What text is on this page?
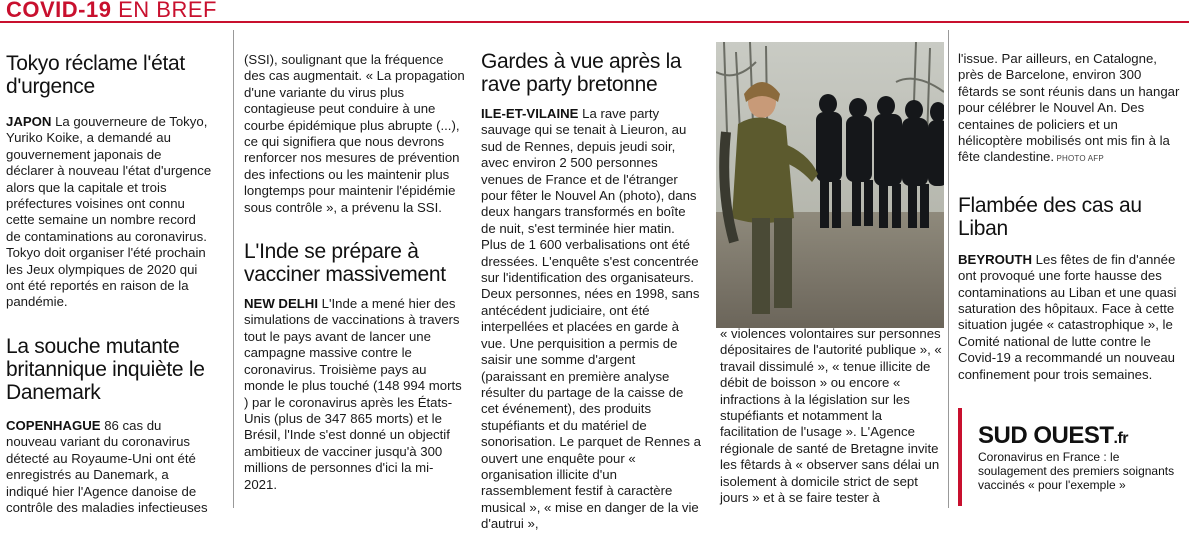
COVID-19 EN BREF
Tokyo réclame l'état d'urgence

JAPON La gouverneure de Tokyo, Yuriko Koike, a demandé au gouvernement japonais de déclarer à nouveau l'état d'urgence alors que la capitale et trois préfectures voisines ont connu cette semaine un nombre record de contaminations au coronavirus. Tokyo doit organiser l'été prochain les Jeux olympiques de 2020 qui ont été reportés en raison de la pandémie.

La souche mutante britannique inquiète le Danemark

COPENHAGUE 86 cas du nouveau variant du coronavirus détecté au Royaume-Uni ont été enregistrés au Danemark, a indiqué hier l'Agence danoise de contrôle des maladies infectieuses

(SSI), soulignant que la fréquence des cas augmentait. « La propagation d'une variante du virus plus contagieuse peut conduire à une courbe épidémique plus abrupte (...), ce qui signifiera que nous devrons renforcer nos mesures de prévention des infections ou les maintenir plus longtemps pour maintenir l'épidémie sous contrôle », a prévenu la SSI.

L'Inde se prépare à vacciner massivement

NEW DELHI L'Inde a mené hier des simulations de vaccinations à travers tout le pays avant de lancer une campagne massive contre le coronavirus. Troisième pays au monde le plus touché (148 994 morts ) par le coronavirus après les États-Unis (plus de 347 865 morts) et le Brésil, l'Inde s'est donné un objectif ambitieux de vacciner jusqu'à 300 millions de personnes d'ici la mi-2021.

Gardes à vue après la rave party bretonne

ILE-ET-VILAINE La rave party sauvage qui se tenait à Lieuron, au sud de Rennes, depuis jeudi soir, avec environ 2 500 personnes venues de France et de l'étranger pour fêter le Nouvel An (photo), dans deux hangars transformés en boîte de nuit, s'est terminée hier matin. Plus de 1 600 verbalisations ont été dressées. L'enquête s'est concentrée sur l'identification des organisateurs. Deux personnes, nées en 1998, sans antécédent judiciaire, ont été interpellées et placées en garde à vue. Une perquisition a permis de saisir une somme d'argent (paraissant en première analyse résulter du partage de la caisse de cet événement), des produits stupéfiants et du matériel de sonorisation. Le parquet de Rennes a ouvert une enquête pour « organisation illicite d'un rassemblement festif à caractère musical », « mise en danger de la vie d'autrui »,

« violences volontaires sur personnes dépositaires de l'autorité publique », « travail dissimulé », « tenue illicite de débit de boisson » ou encore « infractions à la législation sur les stupéfiants et notamment la facilitation de l'usage ». L'Agence régionale de santé de Bretagne invite les fêtards à « observer sans délai un isolement à domicile strict de sept jours » et à se faire tester à

l'issue. Par ailleurs, en Catalogne, près de Barcelone, environ 300 fêtards se sont réunis dans un hangar pour célébrer le Nouvel An. Des centaines de policiers et un hélicoptère mobilisés ont mis fin à la fête clandestine. PHOTO AFP

Flambée des cas au Liban

BEYROUTH Les fêtes de fin d'année ont provoqué une forte hausse des contaminations au Liban et une quasi saturation des hôpitaux. Face à cette situation jugée « catastrophique », le Comité national de lutte contre le Covid-19 a recommandé un nouveau confinement pour trois semaines.

SUD OUEST.fr
Coronavirus en France : le soulagement des premiers soignants vaccinés « pour l'exemple »
